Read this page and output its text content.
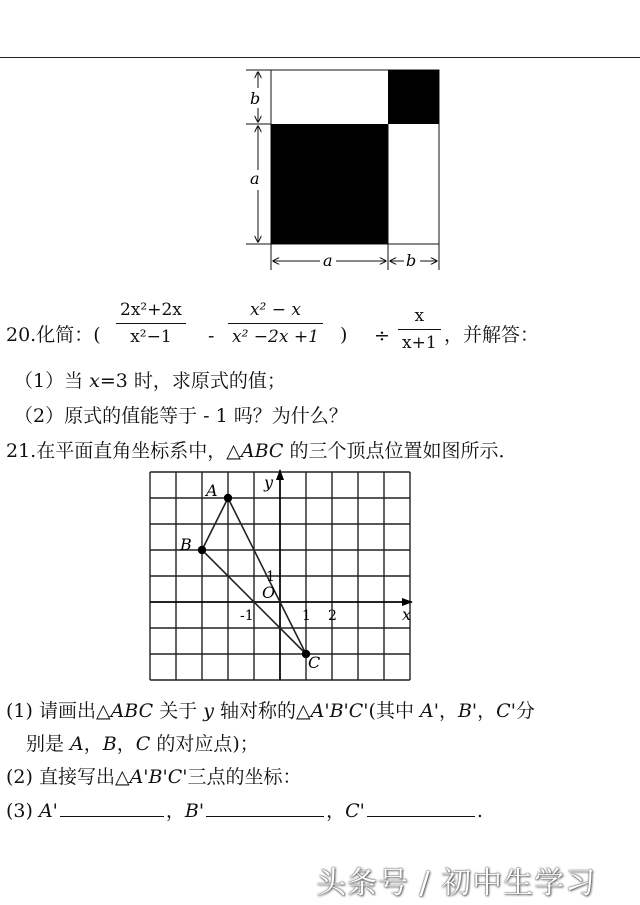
b
a
a	b
20.化简：(
2x²+2x
x²−1	-
x² − x
x² −2x +1 ) ÷
x
x+1 ，并解答：
（1）当 x=3 时，求原式的值；
（2）原式的值能等于 - 1 吗？为什么？
21.在平面直角坐标系中，△ABC 的三个顶点位置如图所示．
A
B
C
y
x
O
1
1 2
-1
(1) 请画出△ABC 关于 y 轴对称的△A'B'C'(其中 A'，B'，C'分
别是 A，B，C 的对应点)；
(2) 直接写出△A'B'C'三点的坐标：
(3) A'	，B'	，C'	.
头条号 / 初中生学习
